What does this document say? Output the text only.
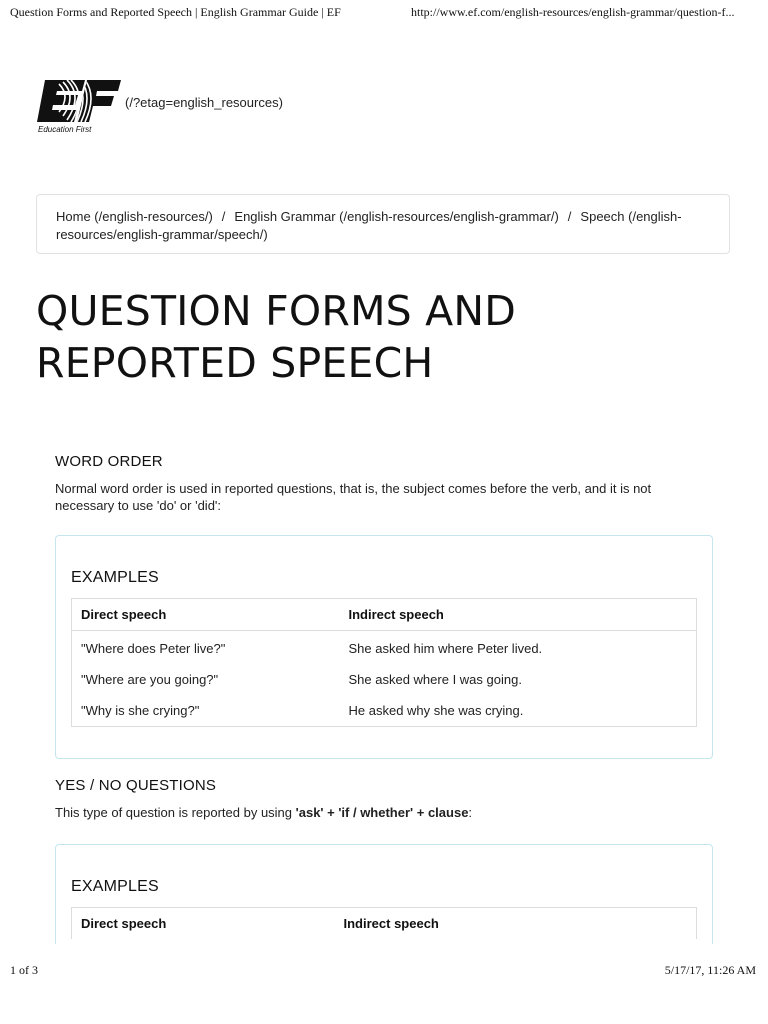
Question Forms and Reported Speech | English Grammar Guide | EF	http://www.ef.com/english-resources/english-grammar/question-f...
Education First
(/?etag=english_resources)
Home (/english-resources/) / English Grammar (/english-resources/english-grammar/) / Speech (/english-resources/english-grammar/speech/)
QUESTION FORMS AND REPORTED SPEECH
WORD ORDER

Normal word order is used in reported questions, that is, the subject comes before the verb, and it is not necessary to use 'do' or 'did':

EXAMPLES
Direct speech	Indirect speech
"Where does Peter live?"	She asked him where Peter lived.
"Where are you going?"	She asked where I was going.
"Why is she crying?"	He asked why she was crying.
YES / NO QUESTIONS

This type of question is reported by using 'ask' + 'if / whether' + clause:

EXAMPLES
Direct speech	Indirect speech
1 of 3	5/17/17, 11:26 AM
